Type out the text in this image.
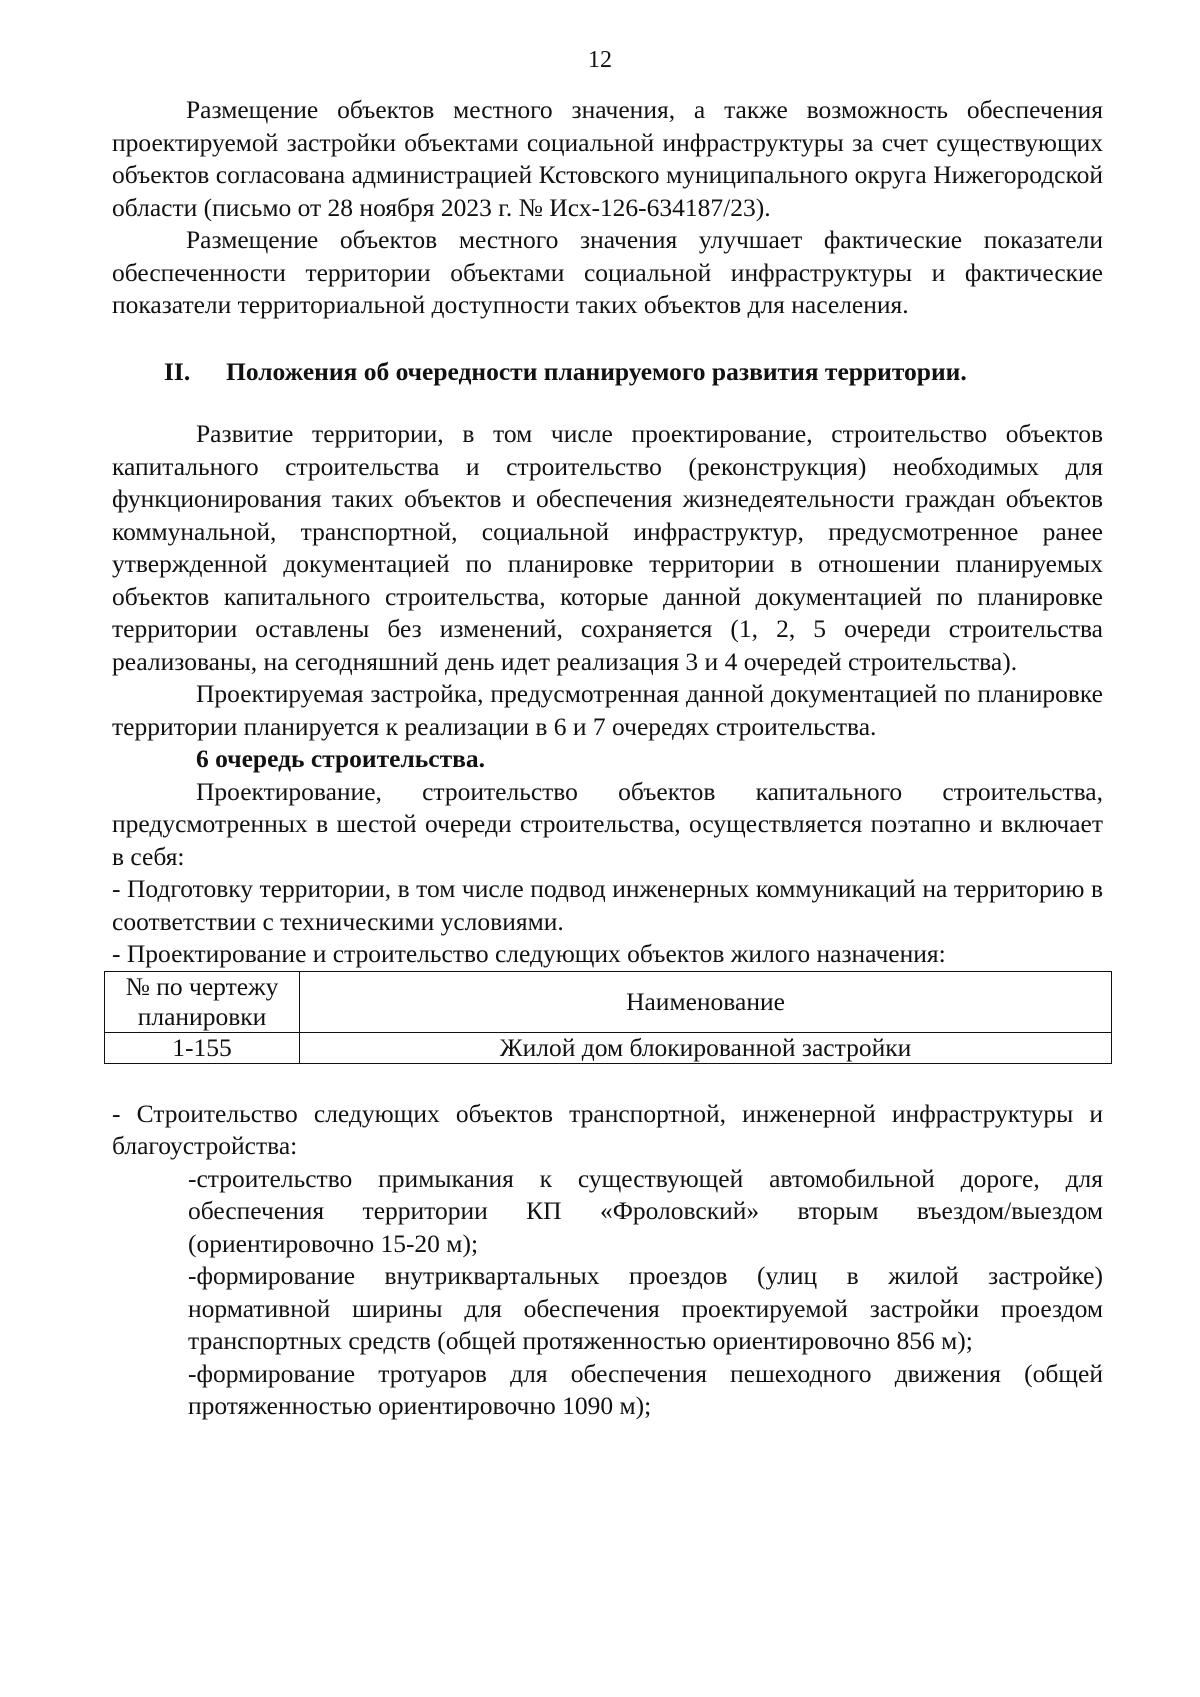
12

Размещение объектов местного значения, а также возможность обеспечения проектируемой застройки объектами социальной инфраструктуры за счет существующих объектов согласована администрацией Кстовского муниципального округа Нижегородской области (письмо от 28 ноября 2023 г. № Исх-126-634187/23).

Размещение объектов местного значения улучшает фактические показатели обеспеченности территории объектами социальной инфраструктуры и фактические показатели территориальной доступности таких объектов для населения.

II.	Положения об очередности планируемого развития территории.

Развитие территории, в том числе проектирование, строительство объектов капитального строительства и строительство (реконструкция) необходимых для функционирования таких объектов и обеспечения жизнедеятельности граждан объектов коммунальной, транспортной, социальной инфраструктур, предусмотренное ранее утвержденной документацией по планировке территории в отношении планируемых объектов капитального строительства, которые данной документацией по планировке территории оставлены без изменений, сохраняется (1, 2, 5 очереди строительства реализованы, на сегодняшний день идет реализация 3 и 4 очередей строительства).

Проектируемая застройка, предусмотренная данной документацией по планировке территории планируется к реализации в 6 и 7 очередях строительства.

6 очередь строительства.

Проектирование, строительство объектов капитального строительства, предусмотренных в шестой очереди строительства, осуществляется поэтапно и включает в себя:

- Подготовку территории, в том числе подвод инженерных коммуникаций на территорию в соответствии с техническими условиями.

- Проектирование и строительство следующих объектов жилого назначения:

№ по чертежу планировки	Наименование
1-155	Жилой дом блокированной застройки

- Строительство следующих объектов транспортной, инженерной инфраструктуры и благоустройства:

-строительство примыкания к существующей автомобильной дороге, для обеспечения территории КП «Фроловский» вторым въездом/выездом (ориентировочно 15-20 м);

-формирование внутриквартальных проездов (улиц в жилой застройке) нормативной ширины для обеспечения проектируемой застройки проездом транспортных средств (общей протяженностью ориентировочно 856 м);

-формирование тротуаров для обеспечения пешеходного движения (общей протяженностью ориентировочно 1090 м);
